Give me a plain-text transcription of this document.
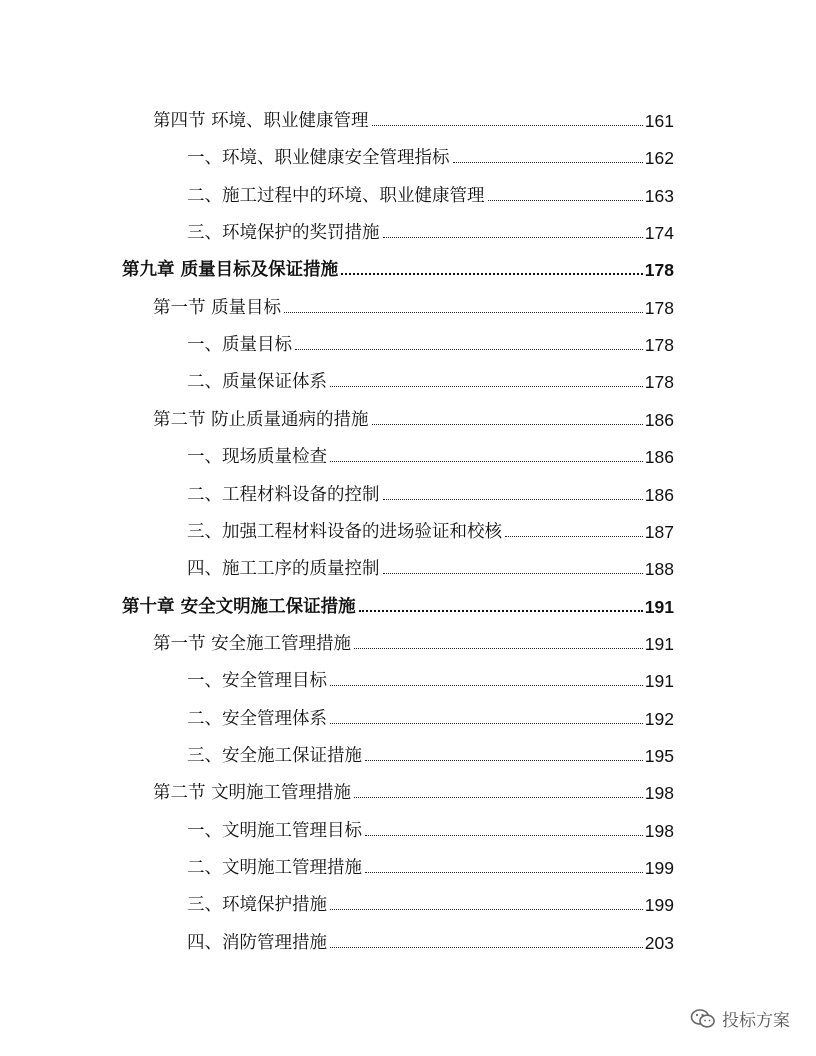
第四节 环境、职业健康管理	161
一、环境、职业健康安全管理指标	162
二、施工过程中的环境、职业健康管理	163
三、环境保护的奖罚措施	174
第九章 质量目标及保证措施	178
第一节 质量目标	178
一、质量目标	178
二、质量保证体系	178
第二节 防止质量通病的措施	186
一、现场质量检查	186
二、工程材料设备的控制	186
三、加强工程材料设备的进场验证和校核	187
四、施工工序的质量控制	188
第十章 安全文明施工保证措施	191
第一节 安全施工管理措施	191
一、安全管理目标	191
二、安全管理体系	192
三、安全施工保证措施	195
第二节 文明施工管理措施	198
一、文明施工管理目标	198
二、文明施工管理措施	199
三、环境保护措施	199
四、消防管理措施	203
投标方案
